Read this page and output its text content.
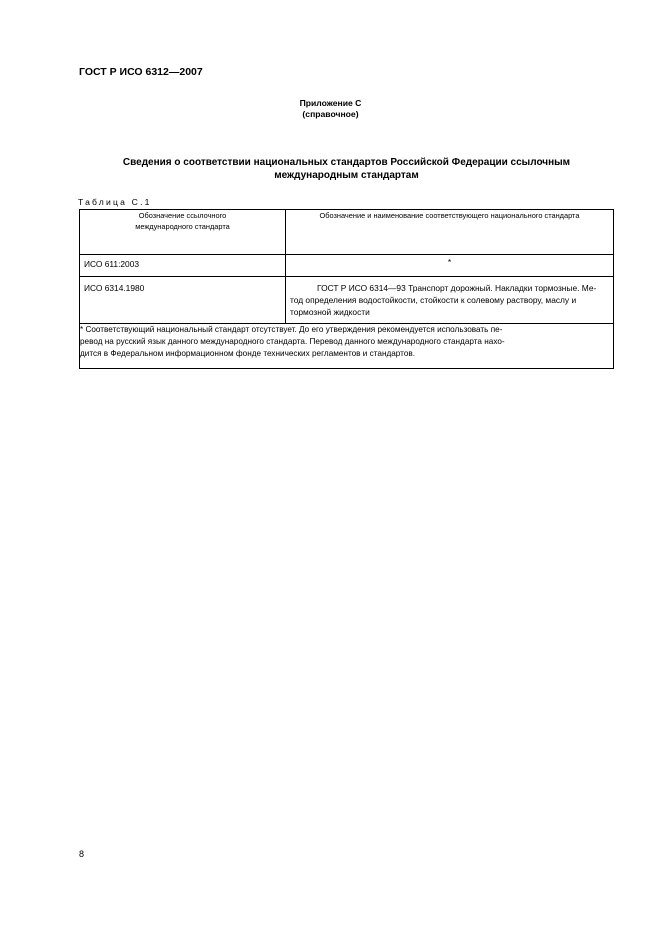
ГОСТ Р ИСО 6312—2007
Приложение С
(справочное)
Сведения о соответствии национальных стандартов Российской Федерации ссылочным
международным стандартам
Таблица С.1
Обозначение ссылочного
международного стандарта	Обозначение и наименование соответствующего национального стандарта
ИСО 611:2003	*
ИСО 6314.1980	ГОСТ Р ИСО 6314—93 Транспорт дорожный. Накладки тормозные. Ме-
тод определения водостойкости, стойкости к солевому раствору, маслу и
тормозной жидкости

* Соответствующий национальный стандарт отсутствует. До его утверждения рекомендуется использовать пе-
ревод на русский язык данного международного стандарта. Перевод данного международного стандарта нахо-
дится в Федеральном информационном фонде технических регламентов и стандартов.	
8
